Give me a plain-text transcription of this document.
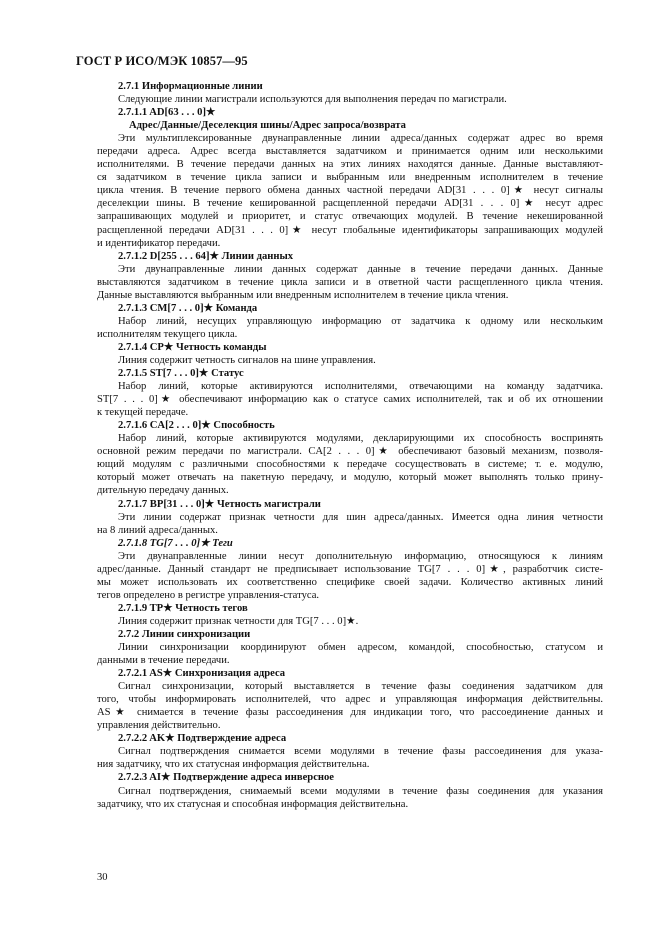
ГОСТ Р ИСО/МЭК 10857—95
2.7.1 Информационные линии
Следующие линии магистрали используются для выполнения передач по магистрали.
2.7.1.1 AD[63 . . . 0]★
Адрес/Данные/Деселекция шины/Адрес запроса/возврата
Эти мультиплексированные двунаправленные линии адреса/данных содержат адрес во время
передачи адреса. Адрес всегда выставляется задатчиком и принимается одним или несколькими
исполнителями. В течение передачи данных на этих линиях находятся данные. Данные выставляют-
ся задатчиком в течение цикла записи и выбранным или внедренным исполнителем в течение
цикла чтения. В течение первого обмена данных частной передачи AD[31 . . . 0]★ несут сигналы
деселекции шины. В течение кешированной расщепленной передачи AD[31 . . . 0]★ несут адрес
запрашивающих модулей и приоритет, и статус отвечающих модулей. В течение некешированной
расщепленной передачи AD[31 . . . 0]★ несут глобальные идентификаторы запрашивающих модулей
и идентификатор передачи.
2.7.1.2 D[255 . . . 64]★ Линии данных
Эти двунаправленные линии данных содержат данные в течение передачи данных. Данные
выставляются задатчиком в течение цикла записи и в ответной части расщепленного цикла чтения.
Данные выставляются выбранным или внедренным исполнителем в течение цикла чтения.
2.7.1.3 CM[7 . . . 0]★ Команда
Набор линий, несущих управляющую информацию от задатчика к одному или нескольким
исполнителям текущего цикла.
2.7.1.4 CP★ Четность команды
Линия содержит четность сигналов на шине управления.
2.7.1.5 ST[7 . . . 0]★ Статус
Набор линий, которые активируются исполнителями, отвечающими на команду задатчика.
ST[7 . . . 0]★ обеспечивают информацию как о статусе самих исполнителей, так и об их отношении
к текущей передаче.
2.7.1.6 CA[2 . . . 0]★ Способность
Набор линий, которые активируются модулями, декларирующими их способность воспринять
основной режим передачи по магистрали. CA[2 . . . 0]★ обеспечивают базовый механизм, позволя-
ющий модулям с различными способностями к передаче сосуществовать в системе; т. е. модулю,
который может отвечать на пакетную передачу, и модулю, который может выполнять только прину-
дительную передачу данных.
2.7.1.7 BP[31 . . . 0]★ Четность магистрали
Эти линии содержат признак четности для шин адреса/данных. Имеется одна линия четности
на 8 линий адреса/данных.
2.7.1.8 TG[7 . . . 0]★ Теги
Эти двунаправленные линии несут дополнительную информацию, относящуюся к линиям
адрес/данные. Данный стандарт не предписывает использование TG[7 . . . 0]★, разработчик систе-
мы может использовать их соответственно специфике своей задачи. Количество активных линий
тегов определено в регистре управления-статуса.
2.7.1.9 TP★ Четность тегов
Линия содержит признак четности для TG[7 . . . 0]★.
2.7.2 Линии синхронизации
Линии синхронизации координируют обмен адресом, командой, способностью, статусом и
данными в течение передачи.
2.7.2.1 AS★ Синхронизация адреса
Сигнал синхронизации, который выставляется в течение фазы соединения задатчиком для
того, чтобы информировать исполнителей, что адрес и управляющая информация действительны.
AS★ снимается в течение фазы рассоединения для индикации того, что рассоединение данных и
управления действительно.
2.7.2.2 AK★ Подтверждение адреса
Сигнал подтверждения снимается всеми модулями в течение фазы рассоединения для указа-
ния задатчику, что их статусная информация действительна.
2.7.2.3 AI★ Подтверждение адреса инверсное
Сигнал подтверждения, снимаемый всеми модулями в течение фазы соединения для указания
задатчику, что их статусная и способная информация действительна.
30
